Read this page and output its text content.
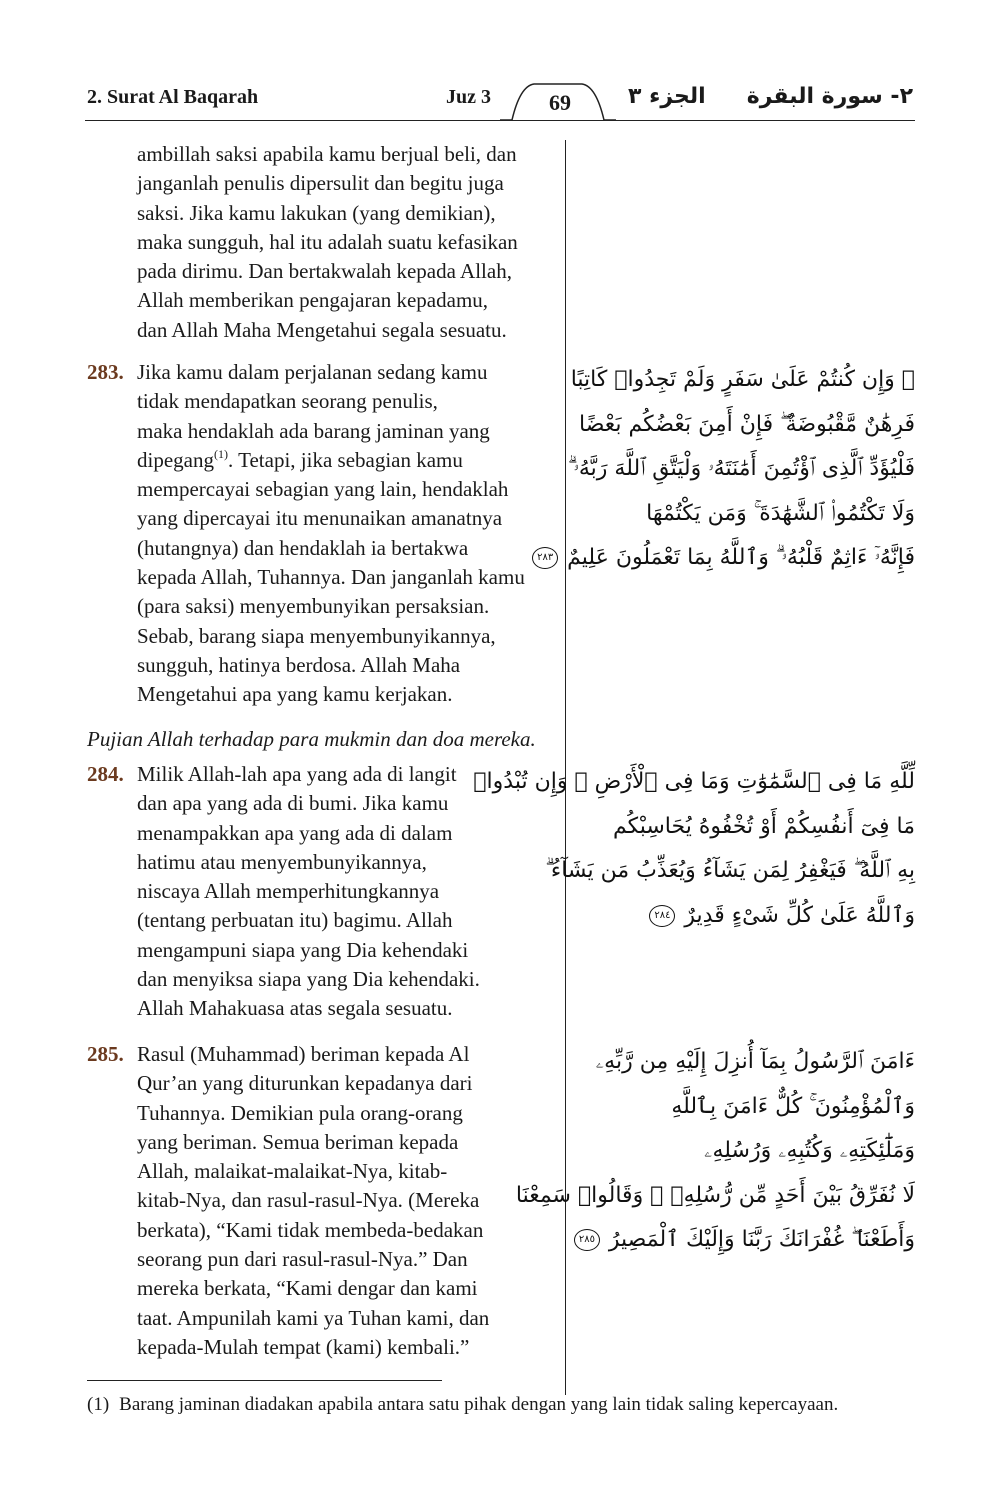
2. Surat Al Baqarah	Juz 3	69	الجزء ٣ ٢- سورة البقرة
ambillah saksi apabila kamu berjual beli, dan
janganlah penulis dipersulit dan begitu juga
saksi. Jika kamu lakukan (yang demikian),
maka sungguh, hal itu adalah suatu kefasikan
pada dirimu. Dan bertakwalah kepada Allah,
Allah memberikan pengajaran kepadamu,
dan Allah Maha Mengetahui segala sesuatu.
283. Jika kamu dalam perjalanan sedang kamu
tidak mendapatkan seorang penulis,
maka hendaklah ada barang jaminan yang
dipegang$^{(1)}$. Tetapi, jika sebagian kamu
mempercayai sebagian yang lain, hendaklah
yang dipercayai itu menunaikan amanatnya
(hutangnya) dan hendaklah ia bertakwa
kepada Allah, Tuhannya. Dan janganlah kamu
(para saksi) menyembunyikan persaksian.
Sebab, barang siapa menyembunyikannya,
sungguh, hatinya berdosa. Allah Maha
Mengetahui apa yang kamu kerjakan.
۞ وَإِن كُنتُمْ عَلَىٰ سَفَرٍ وَلَمْ تَجِدُوا۟ كَاتِبًا
فَرِهَٰنٌ مَّقْبُوضَةٌ ۖ فَإِنْ أَمِنَ بَعْضُكُم بَعْضًا
فَلْيُؤَدِّ ٱلَّذِى ٱؤْتُمِنَ أَمَٰنَتَهُۥ وَلْيَتَّقِ ٱللَّهَ رَبَّهُۥ ۗ
وَلَا تَكْتُمُوا۟ ٱلشَّهَٰدَةَ ۚ وَمَن يَكْتُمْهَا
فَإِنَّهُۥٓ ءَاثِمٌ قَلْبُهُۥ ۗ وَٱللَّهُ بِمَا تَعْمَلُونَ عَلِيمٌ ٢٨٣
Pujian Allah terhadap para mukmin dan doa mereka.
284. Milik Allah-lah apa yang ada di langit
dan apa yang ada di bumi. Jika kamu
menampakkan apa yang ada di dalam
hatimu atau menyembunyikannya,
niscaya Allah memperhitungkannya
(tentang perbuatan itu) bagimu. Allah
mengampuni siapa yang Dia kehendaki
dan menyiksa siapa yang Dia kehendaki.
Allah Mahakuasa atas segala sesuatu.
لِّلَّهِ مَا فِى ٱلسَّمَٰوَٰتِ وَمَا فِى ٱلْأَرْضِ ۗ وَإِن تُبْدُوا۟
مَا فِىٓ أَنفُسِكُمْ أَوْ تُخْفُوهُ يُحَاسِبْكُم
بِهِ ٱللَّهُ ۖ فَيَغْفِرُ لِمَن يَشَآءُ وَيُعَذِّبُ مَن يَشَآءُ ۗ
وَٱللَّهُ عَلَىٰ كُلِّ شَىْءٍ قَدِيرٌ ٢٨٤
285. Rasul (Muhammad) beriman kepada Al
Qur’an yang diturunkan kepadanya dari
Tuhannya. Demikian pula orang-orang
yang beriman. Semua beriman kepada
Allah, malaikat-malaikat-Nya, kitab-
kitab-Nya, dan rasul-rasul-Nya. (Mereka
berkata), “Kami tidak membeda-bedakan
seorang pun dari rasul-rasul-Nya.” Dan
mereka berkata, “Kami dengar dan kami
taat. Ampunilah kami ya Tuhan kami, dan
kepada-Mulah tempat (kami) kembali.”
ءَامَنَ ٱلرَّسُولُ بِمَآ أُنزِلَ إِلَيْهِ مِن رَّبِّهِۦ
وَٱلْمُؤْمِنُونَ ۚ كُلٌّ ءَامَنَ بِٱللَّهِ
وَمَلَٰٓئِكَتِهِۦ وَكُتُبِهِۦ وَرُسُلِهِۦ
لَا نُفَرِّقُ بَيْنَ أَحَدٍ مِّن رُّسُلِهِۦ ۚ وَقَالُوا۟ سَمِعْنَا
وَأَطَعْنَا ۖ غُفْرَانَكَ رَبَّنَا وَإِلَيْكَ ٱلْمَصِيرُ ٢٨٥
(1) Barang jaminan diadakan apabila antara satu pihak dengan yang lain tidak saling kepercayaan.
